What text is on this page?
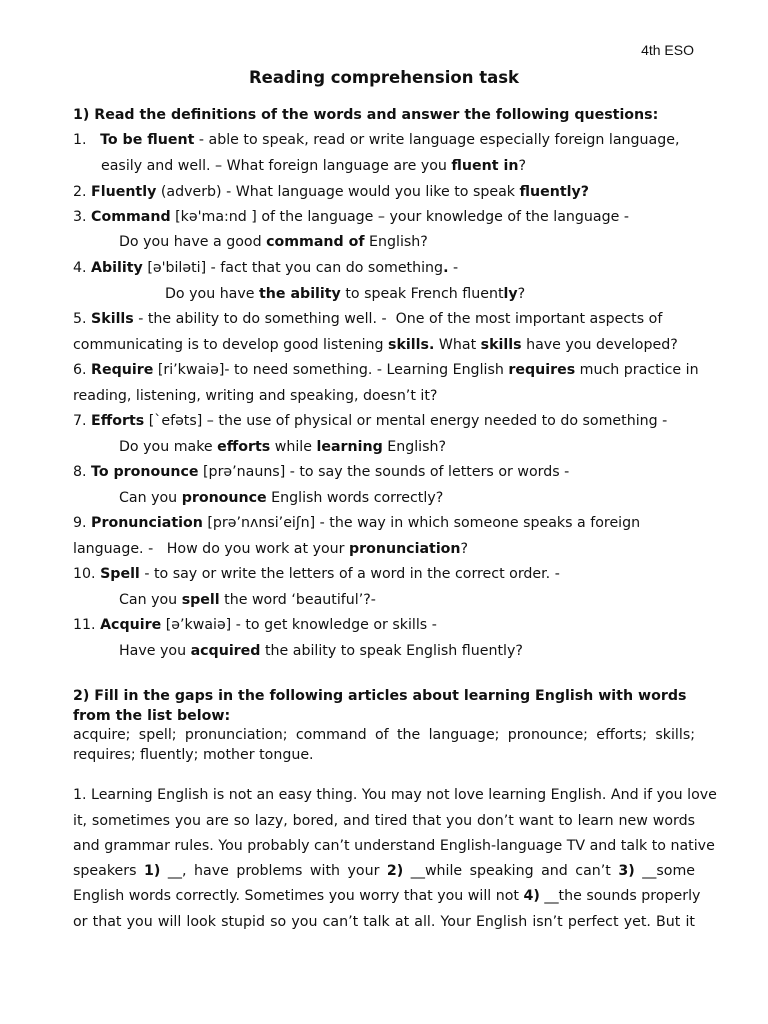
4th ESO
Reading comprehension task
1) Read the definitions of the words and answer the following questions:
1.   To be fluent - able to speak, read or write language especially foreign language,
easily and well. – What foreign language are you fluent in?
2. Fluently (adverb) - What language would you like to speak fluently?
3. Command [kə'ma:nd ] of the language – your knowledge of the language -
Do you have a good command of English?
4. Ability [ə'biləti] - fact that you can do something. -
Do you have the ability to speak French fluently?
5. Skills - the ability to do something well. -  One of the most important aspects of
communicating is to develop good listening skills. What skills have you developed?
6. Require [ri’kwaiə]- to need something. - Learning English requires much practice in
reading, listening, writing and speaking, doesn’t it?
7. Efforts [`efəts] – the use of physical or mental energy needed to do something -
Do you make efforts while learning English?
8. To pronounce [prə’nauns] - to say the sounds of letters or words -
Can you pronounce English words correctly?
9. Pronunciation [prə’nʌnsi’eiʃn] - the way in which someone speaks a foreign
language. -   How do you work at your pronunciation?
10. Spell - to say or write the letters of a word in the correct order. -
Can you spell the word ‘beautiful’?-
11. Acquire [ə’kwaiə] - to get knowledge or skills -
Have you acquired the ability to speak English fluently?
2) Fill in the gaps in the following articles about learning English with words
from the list below:
acquire; spell; pronunciation; command of the language; pronounce; efforts; skills;
requires; fluently; mother tongue.
1. Learning English is not an easy thing. You may not love learning English. And if you love
it, sometimes you are so lazy, bored, and tired that you don’t want to learn new words
and grammar rules. You probably can’t understand English-language TV and talk to native
speakers 1) __, have problems with your 2) __while speaking and can’t 3) __some
English words correctly. Sometimes you worry that you will not 4) __the sounds properly
or that you will look stupid so you can’t talk at all. Your English isn’t perfect yet. But it
